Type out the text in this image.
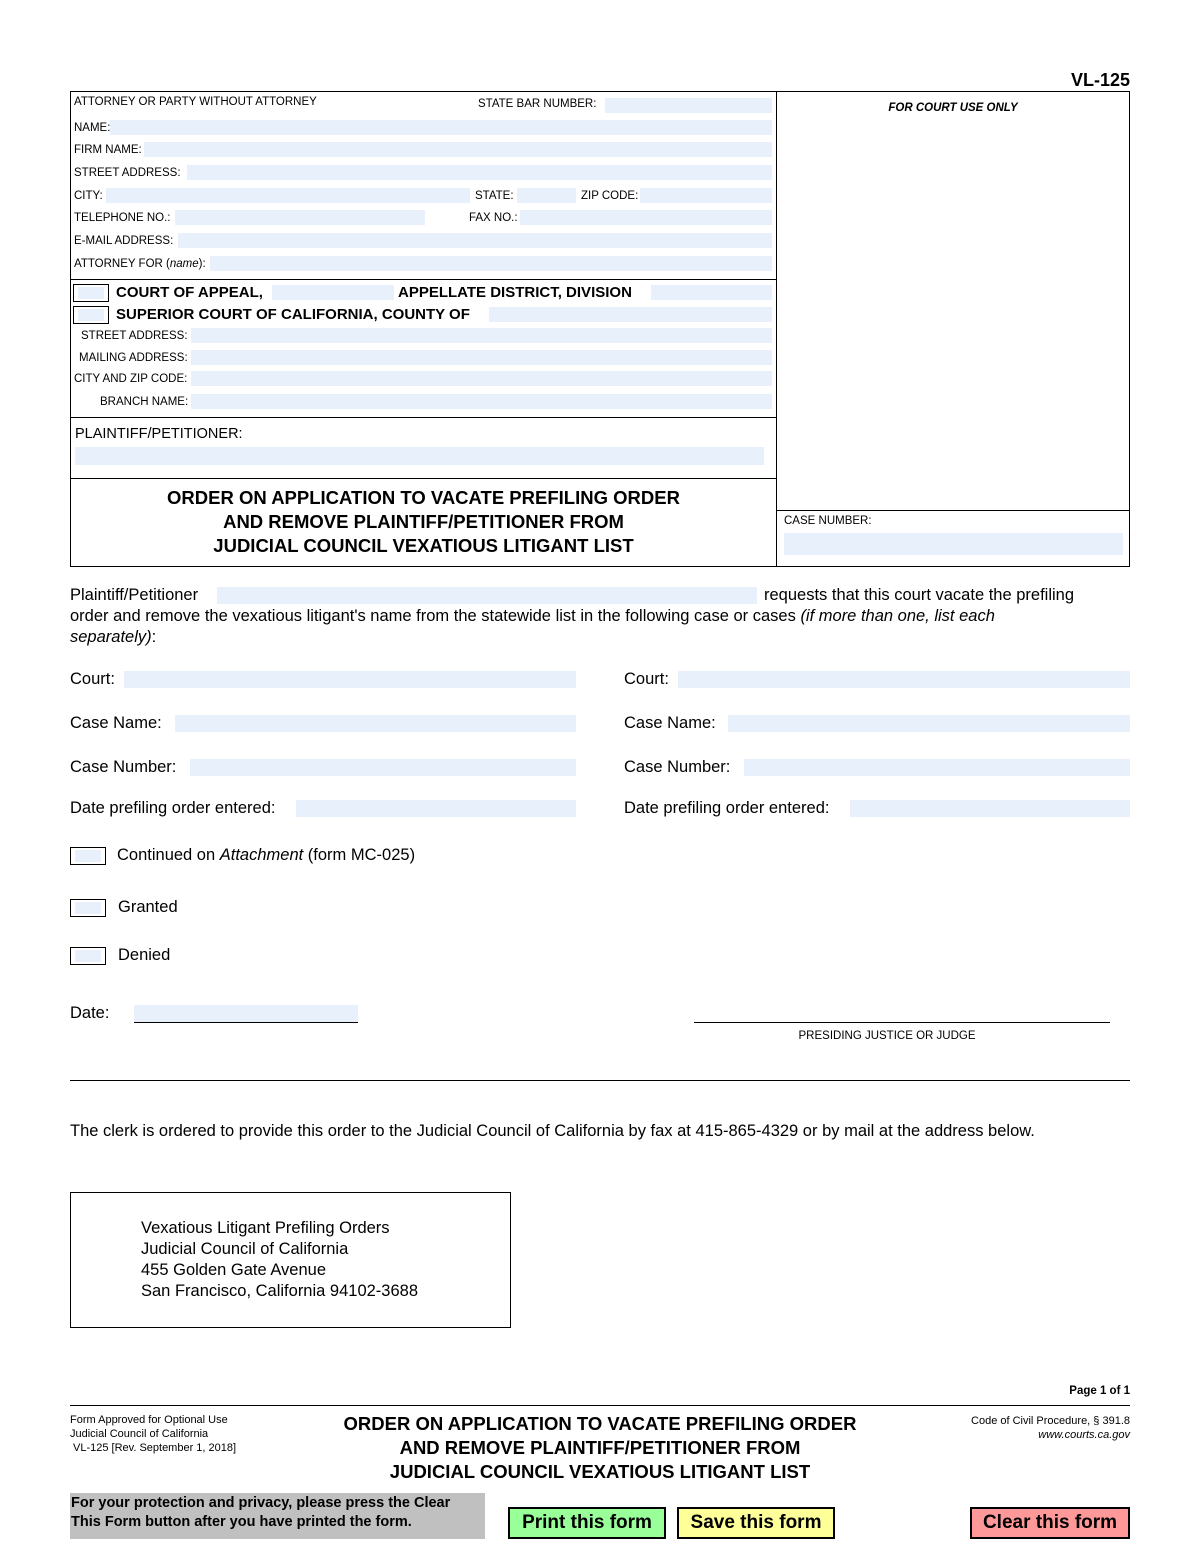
VL-125
ATTORNEY OR PARTY WITHOUT ATTORNEY	STATE BAR NUMBER:	FOR COURT USE ONLY
NAME:
FIRM NAME:
STREET ADDRESS:
CITY:	STATE:	ZIP CODE:
TELEPHONE NO.:	FAX NO.:
E-MAIL ADDRESS:
ATTORNEY FOR (name):
COURT OF APPEAL,	APPELLATE DISTRICT, DIVISION
SUPERIOR COURT OF CALIFORNIA, COUNTY OF
STREET ADDRESS:
MAILING ADDRESS:
CITY AND ZIP CODE:
BRANCH NAME:
PLAINTIFF/PETITIONER:
ORDER ON APPLICATION TO VACATE PREFILING ORDER
AND REMOVE PLAINTIFF/PETITIONER FROM
JUDICIAL COUNCIL VEXATIOUS LITIGANT LIST
CASE NUMBER:
Plaintiff/Petitioner	requests that this court vacate the prefiling
order and remove the vexatious litigant's name from the statewide list in the following case or cases (if more than one, list each
separately):
Court:
Case Name:
Case Number:
Date prefiling order entered:
Court:
Case Name:
Case Number:
Date prefiling order entered:
Continued on Attachment (form MC-025)
Granted
Denied
Date:
PRESIDING JUSTICE OR JUDGE
The clerk is ordered to provide this order to the Judicial Council of California by fax at 415-865-4329 or by mail at the address below.
Vexatious Litigant Prefiling Orders
Judicial Council of California
455 Golden Gate Avenue
San Francisco, California 94102-3688
Page 1 of 1
Form Approved for Optional Use
Judicial Council of California
VL-125 [Rev. September 1, 2018]
ORDER ON APPLICATION TO VACATE PREFILING ORDER
AND REMOVE PLAINTIFF/PETITIONER FROM
JUDICIAL COUNCIL VEXATIOUS LITIGANT LIST
Code of Civil Procedure, § 391.8
www.courts.ca.gov
For your protection and privacy, please press the Clear
This Form button after you have printed the form.	Print this form	Save this form	Clear this form
